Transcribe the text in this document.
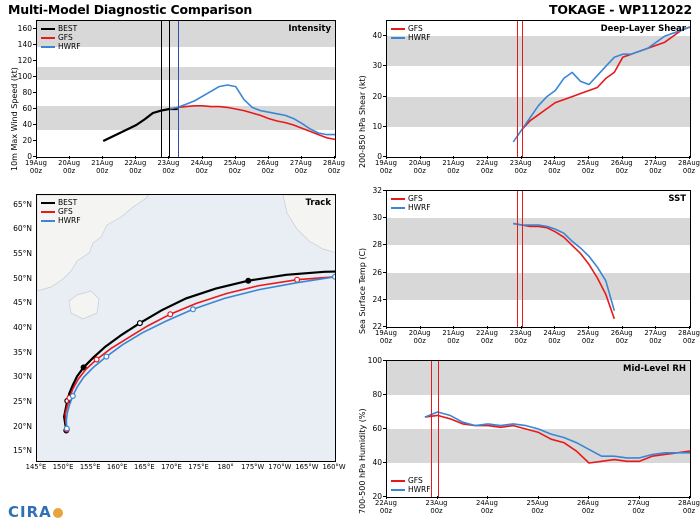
Multi-Model Diagnostic Comparison	TOKAGE - WP112022
10m Max Wind Speed (kt)
Intensity
BEST
GFS
HWRF
0
20
40
60
80
100
120
140
160
19Aug
00z
20Aug
00z
21Aug
00z
22Aug
00z
23Aug
00z
24Aug
00z
25Aug
00z
26Aug
00z
27Aug
00z
28Aug
00z
Track
BEST
GFS
HWRF
15°N
20°N
25°N
30°N
35°N
40°N
45°N
50°N
55°N
60°N
65°N
145°E 150°E 155°E 160°E 165°E 170°E 175°E	180°	175°W 170°W 165°W 160°W
200-850 hPa Shear (kt)
Deep-Layer Shear
GFS
HWRF
0
10
20
30
40
19Aug
00z
20Aug
00z
21Aug
00z
22Aug
00z
23Aug
00z
24Aug
00z
25Aug
00z
26Aug
00z
27Aug
00z
28Aug
00z
Sea Surface Temp (C)
SST
GFS
HWRF
22
24
26
28
30
32
19Aug
00z
20Aug
00z
21Aug
00z
22Aug
00z
23Aug
00z
24Aug
00z
25Aug
00z
26Aug
00z
27Aug
00z
28Aug
00z
700-500 hPa Humidity (%)
Mid-Level RH
GFS
HWRF
20
40
60
80
100
22Aug
00z
23Aug
00z
24Aug
00z
25Aug
00z
26Aug
00z
27Aug
00z
28Aug
00z
CIRA
